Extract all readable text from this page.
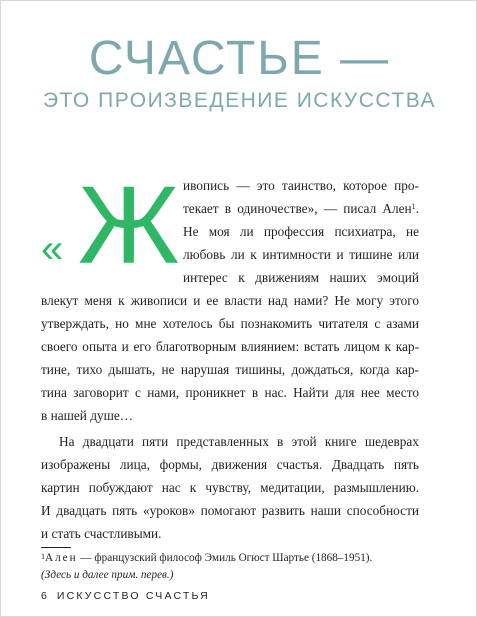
СЧАСТЬЕ —
ЭТО ПРОИЗВЕДЕНИЕ ИСКУССТВА
« Ж ивопись — это таинство, которое про-
текает в одиночестве», — писал Ален$^1$.
Не моя ли профессия психиатра, не
любовь ли к интимности и тишине или
интерес к движениям наших эмоций
влекут меня к живописи и ее власти над нами? Не могу этого
утверждать, но мне хотелось бы познакомить читателя с азами
своего опыта и его благотворным влиянием: встать лицом к кар-
тине, тихо дышать, не нарушая тишины, дождаться, когда кар-
тина заговорит с нами, проникнет в нас. Найти для нее место
в нашей душе…
На двадцати пяти представленных в этой книге шедеврах
изображены лица, формы, движения счастья. Двадцать пять
картин побуждают нас к чувству, медитации, размышлению.
И двадцать пять «уроков» помогают развить наши способности
и стать счастливыми.
$^1$Ален — французский философ Эмиль Огюст Шартье (1868–1951).
(Здесь и далее прим. перев.)
6 ИСКУССТВО СЧАСТЬЯ
